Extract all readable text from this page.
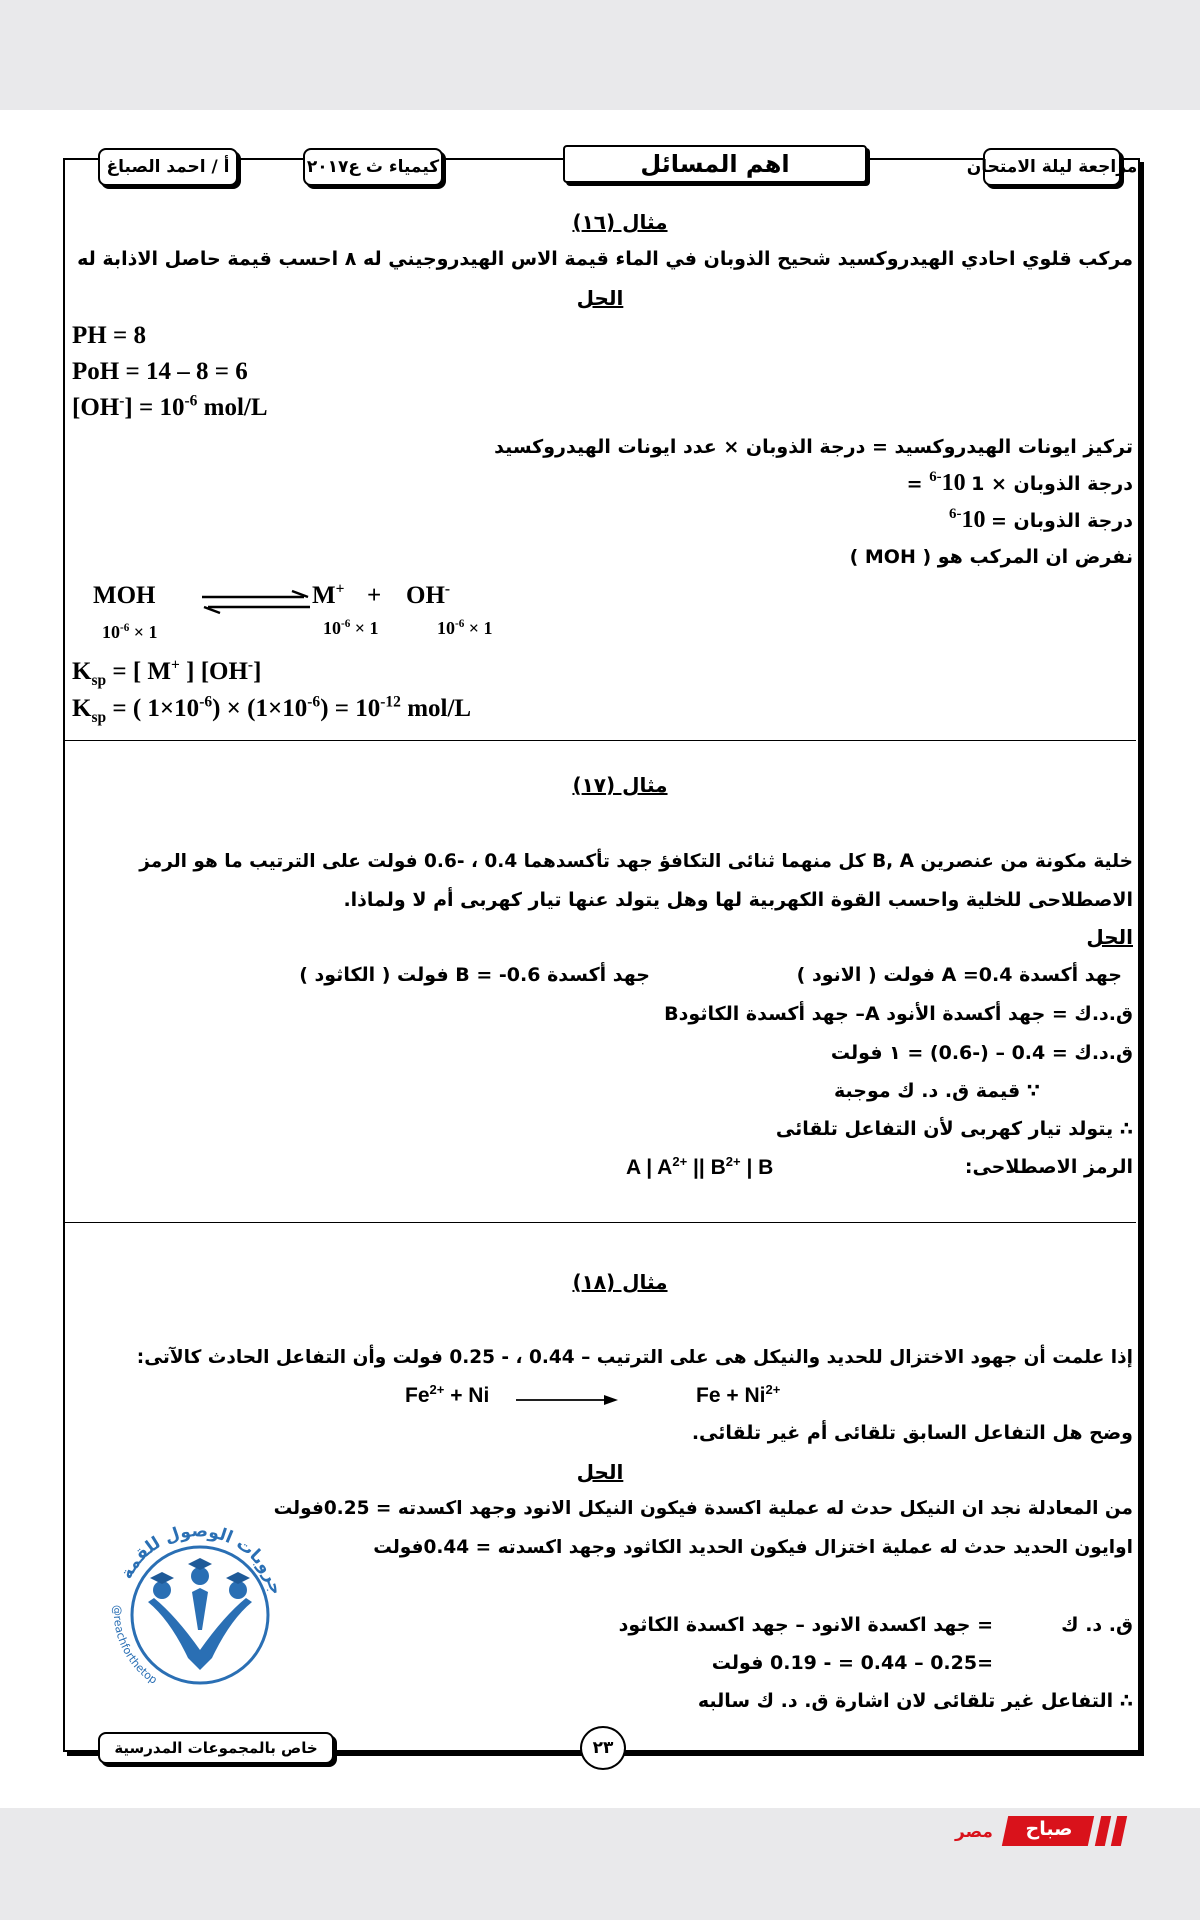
مراجعة ليلة الامتحان
اهم المسائل
كيمياء ث ع٢٠١٧
أ / احمد الصباغ
مثال (١٦)
مركب قلوي احادي الهيدروكسيد شحيح الذوبان في الماء قيمة الاس الهيدروجيني له ٨ احسب قيمة حاصل الاذابة له
الحل
PH = 8
PoH = 14 – 8 = 6
$[OH^-] = 10^{-6}$ mol/L
تركيز ايونات الهيدروكسيد = درجة الذوبان × عدد ايونات الهيدروكسيد
= درجة الذوبان × 1 $10^{-6}$
درجة الذوبان = $10^{-6}$
نفرض ان المركب هو ( MOH )
MOH	M+ + OH-
$10^{-6} \times 1$	$10^{-6} \times 1$	$10^{-6} \times 1$
$K_{sp}$ = [ M+ ] [OH-]
$K_{sp}$ = ( $1\times 10^{-6}) \times (1\times 10^{-6}) = 10^{-12}$ mol/L
مثال (١٧)
خلية مكونة من عنصرين B, A كل منهما ثنائى التكافؤ جهد تأكسدهما 0.4 ، -0.6 فولت على الترتيب ما هو الرمز
الاصطلاحى للخلية واحسب القوة الكهربية لها وهل يتولد عنها تيار كهربى أم لا ولماذا.
الحل
جهد أكسدة A =0.4 فولت ( الانود )
جهد أكسدة B = -0.6 فولت ( الكاثود )
ق.د.ك = جهد أكسدة الأنود A– جهد أكسدة الكاثودB
ق.د.ك = 0.4 – (-0.6) = ١ فولت
∵ قيمة ق. د. ك موجبة
∴ يتولد تيار كهربى لأن التفاعل تلقائى
الرمز الاصطلاحى:
A | $A^{2+}$ || $B^{2+}$ | B
مثال (١٨)
إذا علمت أن جهود الاختزال للحديد والنيكل هى على الترتيب – 0.44 ، - 0.25 فولت وأن التفاعل الحادث كالآتى:
$Fe^{2+} + Ni$	$Fe + Ni^{2+}$
وضح هل التفاعل السابق تلقائى أم غير تلقائى.
الحل
من المعادلة نجد ان النيكل حدث له عملية اكسدة فيكون النيكل الانود وجهد اكسدته = 0.25فولت
اوايون الحديد حدث له عملية اختزال فيكون الحديد الكاثود وجهد اكسدته = 0.44فولت
ق. د. ك
= جهد اكسدة الانود – جهد اكسدة الكاثود
=0.25 – 0.44 = - 0.19 فولت
∴ التفاعل غير تلقائى لان اشارة ق. د. ك سالبه
جروبات الوصول للقمة
@reachforthetop
خاص بالمجموعات المدرسية	٢٣
مصر	صباح
